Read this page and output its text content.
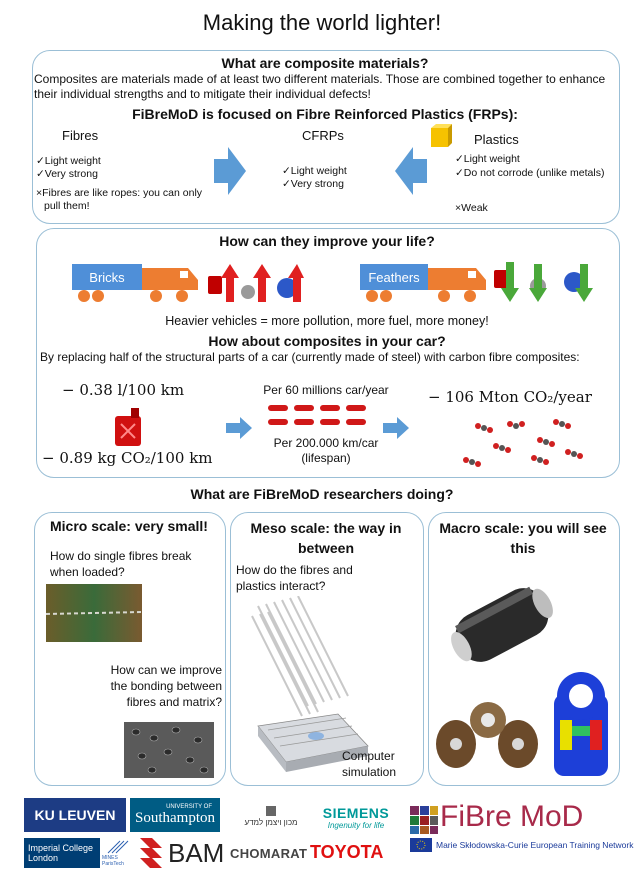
Making the world lighter!
What are composite materials?
Composites are materials made of at least two different materials. Those are combined together to enhance their individual strengths and to mitigate their individual defects!
FiBreMoD is focused on Fibre Reinforced Plastics (FRPs):
Fibres
✓Light weight
✓Very strong
×Fibres are like ropes: you can only
pull them!
CFRPs
✓Light weight
✓Very strong
Plastics
✓Light weight
✓Do not corrode (unlike metals)
×Weak
How can they improve your life?
Bricks	Feathers
Heavier vehicles = more pollution, more fuel, more money!
How about composites in your car?
By replacing half of the structural parts of a car (currently made of steel) with carbon fibre composites:
− 0.38 l/100 km
− 0.89 kg CO₂/100 km
Per 60 millions car/year
Per 200.000 km/car
(lifespan)
− 106 Mton CO₂/year
What are FiBreMoD researchers doing?
Micro scale: very small!
How do single fibres break when loaded?
How can we improve the bonding between fibres and matrix?
Meso scale: the way in between
How do the fibres and plastics interact?
Computer simulation
Macro scale: you will see this
KU LEUVEN
UNIVERSITY OF
Southampton	מכון ויצמן למדע
SIEMENS
Ingenuity for life FiBre MoD
Marie Skłodowska-Curie European Training Network
Imperial College London	MINES ParisTech	BAM CHOMARAT TOYOTA
